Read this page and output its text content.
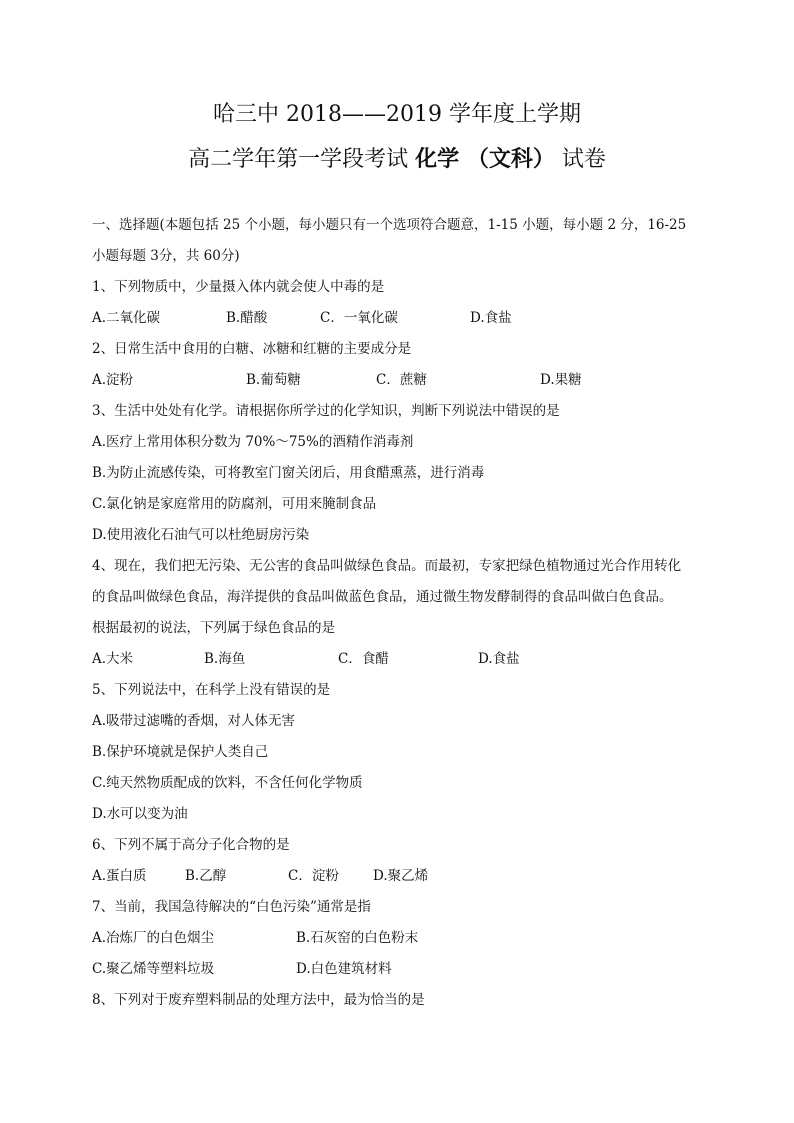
哈三中 2018——2019 学年度上学期
高二学年第一学段考试 化学 （文科） 试卷
一、选择题(本题包括 25 个小题，每小题只有一个选项符合题意，1-15 小题，每小题 2 分，16-25
小题每题 3分，共 60分)
1、下列物质中，少量摄入体内就会使人中毒的是
A.二氧化碳	B.醋酸	C．一氧化碳	D.食盐
2、日常生活中食用的白糖、冰糖和红糖的主要成分是
A.淀粉	B.葡萄糖	C．蔗糖	D.果糖
3、生活中处处有化学。请根据你所学过的化学知识，判断下列说法中错误的是
A.医疗上常用体积分数为 70%～75%的酒精作消毒剂
B.为防止流感传染，可将教室门窗关闭后，用食醋熏蒸，进行消毒
C.氯化钠是家庭常用的防腐剂，可用来腌制食品
D.使用液化石油气可以杜绝厨房污染
4、现在，我们把无污染、无公害的食品叫做绿色食品。而最初，专家把绿色植物通过光合作用转化
的食品叫做绿色食品，海洋提供的食品叫做蓝色食品，通过微生物发酵制得的食品叫做白色食品。
根据最初的说法，下列属于绿色食品的是
A.大米	B.海鱼	C．食醋	D.食盐
5、下列说法中，在科学上没有错误的是
A.吸带过滤嘴的香烟，对人体无害
B.保护环境就是保护人类自己
C.纯天然物质配成的饮料，不含任何化学物质
D.水可以变为油
6、下列不属于高分子化合物的是
A.蛋白质	B.乙醇	C．淀粉	D.聚乙烯
7、当前，我国急待解决的“白色污染”通常是指
A.冶炼厂的白色烟尘	B.石灰窑的白色粉末
C.聚乙烯等塑料垃圾	D.白色建筑材料
8、下列对于废弃塑料制品的处理方法中，最为恰当的是
